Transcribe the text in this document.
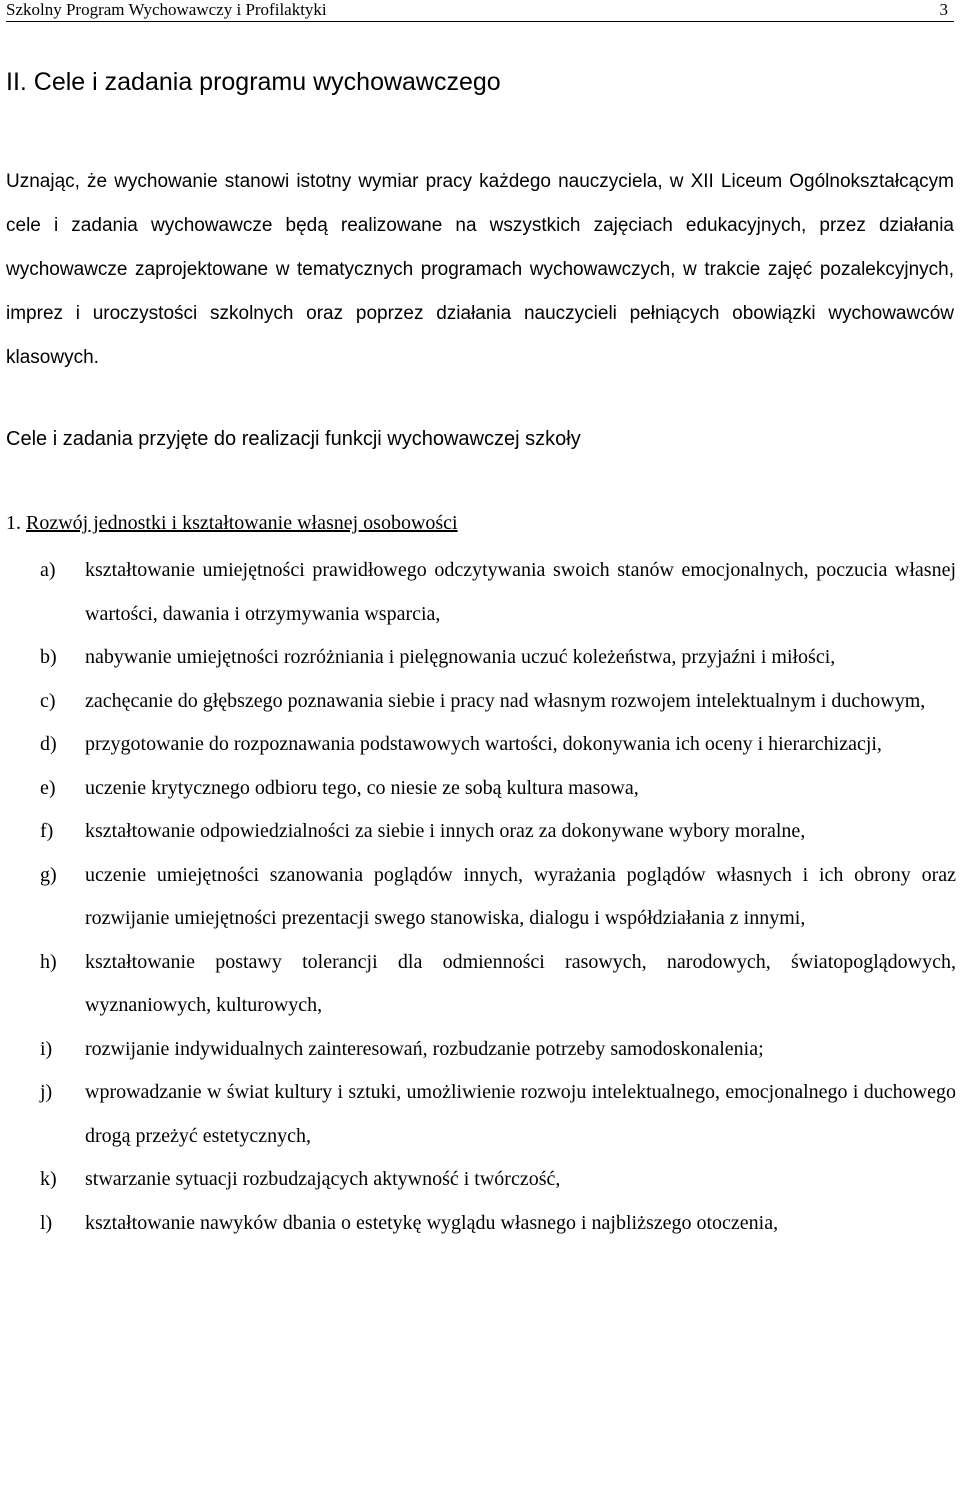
Szkolny Program Wychowawczy i Profilaktyki	3
II. Cele i zadania programu wychowawczego

Uznając, że wychowanie stanowi istotny wymiar pracy każdego nauczyciela, w XII Liceum Ogólnokształcącym cele i zadania wychowawcze będą realizowane na wszystkich zajęciach edukacyjnych, przez działania wychowawcze zaprojektowane w tematycznych programach wychowawczych, w trakcie zajęć pozalekcyjnych, imprez i uroczystości szkolnych oraz poprzez działania nauczycieli pełniących obowiązki wychowawców klasowych.

Cele i zadania przyjęte do realizacji funkcji wychowawczej szkoły

1. Rozwój jednostki i kształtowanie własnej osobowości

a)	kształtowanie umiejętności prawidłowego odczytywania swoich stanów emocjonalnych, poczucia własnej wartości, dawania i otrzymywania wsparcia,
b)	nabywanie umiejętności rozróżniania i pielęgnowania uczuć koleżeństwa, przyjaźni i miłości,
c)	zachęcanie do głębszego poznawania siebie i pracy nad własnym rozwojem intelektualnym i duchowym,
d)	przygotowanie do rozpoznawania podstawowych wartości, dokonywania ich oceny i hierarchizacji,
e)	uczenie krytycznego odbioru tego, co niesie ze sobą kultura masowa,
f)	kształtowanie odpowiedzialności za siebie i innych oraz za dokonywane wybory moralne,
g)	uczenie umiejętności szanowania poglądów innych, wyrażania poglądów własnych i ich obrony oraz rozwijanie umiejętności prezentacji swego stanowiska, dialogu i współdziałania z innymi,
h)	kształtowanie postawy tolerancji dla odmienności rasowych, narodowych, światopoglądowych, wyznaniowych, kulturowych,
i)	rozwijanie indywidualnych zainteresowań, rozbudzanie potrzeby samodoskonalenia;
j)	wprowadzanie w świat kultury i sztuki, umożliwienie rozwoju intelektualnego, emocjonalnego i duchowego drogą przeżyć estetycznych,
k)	stwarzanie sytuacji rozbudzających aktywność i twórczość,
l)	kształtowanie nawyków dbania o estetykę wyglądu własnego i najbliższego otoczenia,
